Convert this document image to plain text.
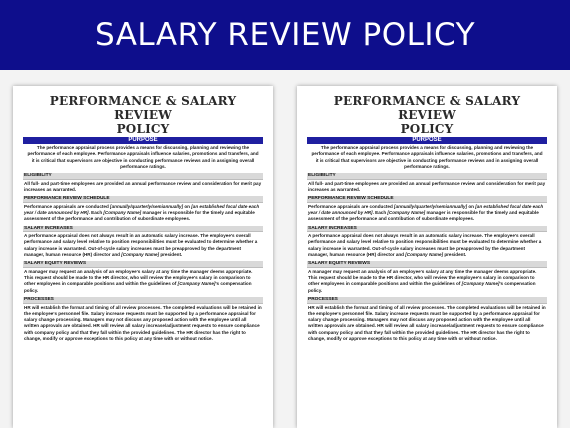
SALARY REVIEW POLICY
PERFORMANCE & SALARY REVIEW
POLICY
PURPOSE
The performance appraisal process provides a means for discussing, planning and reviewing the performance of each employee. Performance appraisals influence salaries, promotions and transfers, and it is critical that supervisors are objective in conducting performance reviews and in assigning overall performance ratings.
ELIGIBILITY
All full- and part-time employees are provided an annual performance review and consideration for merit pay increases as warranted.
PERFORMANCE REVIEW SCHEDULE
Performance appraisals are conducted [annually/quarterly/semiannually] on [an established focal date each year / date announced by HR]. Each [Company Name] manager is responsible for the timely and equitable assessment of the performance and contribution of subordinate employees.
SALARY INCREASES
A performance appraisal does not always result in an automatic salary increase. The employee's overall performance and salary level relative to position responsibilities must be evaluated to determine whether a salary increase is warranted. Out-of-cycle salary increases must be preapproved by the department manager, human resource (HR) director and [Company Name] president.
SALARY EQUITY REVIEWS
A manager may request an analysis of an employee's salary at any time the manager deems appropriate. This request should be made to the HR director, who will review the employee's salary in comparison to other employees in comparable positions and within the guidelines of [Company Name]'s compensation policy.
PROCESSES
HR will establish the format and timing of all review processes. The completed evaluations will be retained in the employee's personnel file. Salary increase requests must be supported by a performance appraisal for salary change processing. Managers may not discuss any proposed action with the employee until all written approvals are obtained. HR will review all salary increase/adjustment requests to ensure compliance with company policy and that they fall within the provided guidelines. The HR director has the right to change, modify or approve exceptions to this policy at any time with or without notice.
PERFORMANCE & SALARY REVIEW
POLICY
PURPOSE
The performance appraisal process provides a means for discussing, planning and reviewing the performance of each employee. Performance appraisals influence salaries, promotions and transfers, and it is critical that supervisors are objective in conducting performance reviews and in assigning overall performance ratings.
ELIGIBILITY
All full- and part-time employees are provided an annual performance review and consideration for merit pay increases as warranted.
PERFORMANCE REVIEW SCHEDULE
Performance appraisals are conducted [annually/quarterly/semiannually] on [an established focal date each year / date announced by HR]. Each [Company Name] manager is responsible for the timely and equitable assessment of the performance and contribution of subordinate employees.
SALARY INCREASES
A performance appraisal does not always result in an automatic salary increase. The employee's overall performance and salary level relative to position responsibilities must be evaluated to determine whether a salary increase is warranted. Out-of-cycle salary increases must be preapproved by the department manager, human resource (HR) director and [Company Name] president.
SALARY EQUITY REVIEWS
A manager may request an analysis of an employee's salary at any time the manager deems appropriate. This request should be made to the HR director, who will review the employee's salary in comparison to other employees in comparable positions and within the guidelines of [Company Name]'s compensation policy.
PROCESSES
HR will establish the format and timing of all review processes. The completed evaluations will be retained in the employee's personnel file. Salary increase requests must be supported by a performance appraisal for salary change processing. Managers may not discuss any proposed action with the employee until all written approvals are obtained. HR will review all salary increase/adjustment requests to ensure compliance with company policy and that they fall within the provided guidelines. The HR director has the right to change, modify or approve exceptions to this policy at any time with or without notice.
